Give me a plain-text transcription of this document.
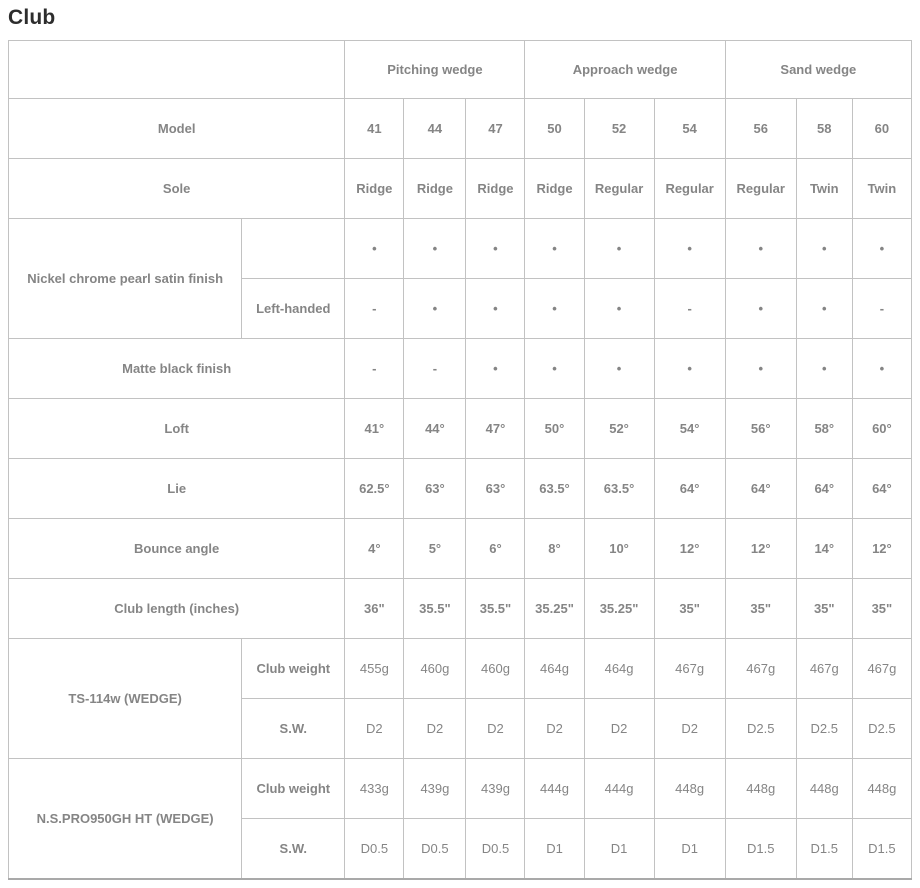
Club
		Pitching wedge			Approach wedge			Sand wedge		
Model		41	44	47	50	52	54	56	58	60
Sole		Ridge	Ridge	Ridge	Ridge	Regular	Regular	Regular	Twin	Twin
Nickel chrome pearl satin finish		•	•	•	•	•	•	•	•	•
	Left-handed	-	•	•	•	•	-	•	•	-
Matte black finish		-	-	•	•	•	•	•	•	•
Loft		41°	44°	47°	50°	52°	54°	56°	58°	60°
Lie		62.5°	63°	63°	63.5°	63.5°	64°	64°	64°	64°
Bounce angle		4°	5°	6°	8°	10°	12°	12°	14°	12°
Club length (inches)		36"	35.5"	35.5"	35.25"	35.25"	35"	35"	35"	35"
TS-114w (WEDGE)	Club weight	455g	460g	460g	464g	464g	467g	467g	467g	467g
	S.W.	D2	D2	D2	D2	D2	D2	D2.5	D2.5	D2.5
N.S.PRO950GH HT (WEDGE)	Club weight	433g	439g	439g	444g	444g	448g	448g	448g	448g
	S.W.	D0.5	D0.5	D0.5	D1	D1	D1	D1.5	D1.5	D1.5
